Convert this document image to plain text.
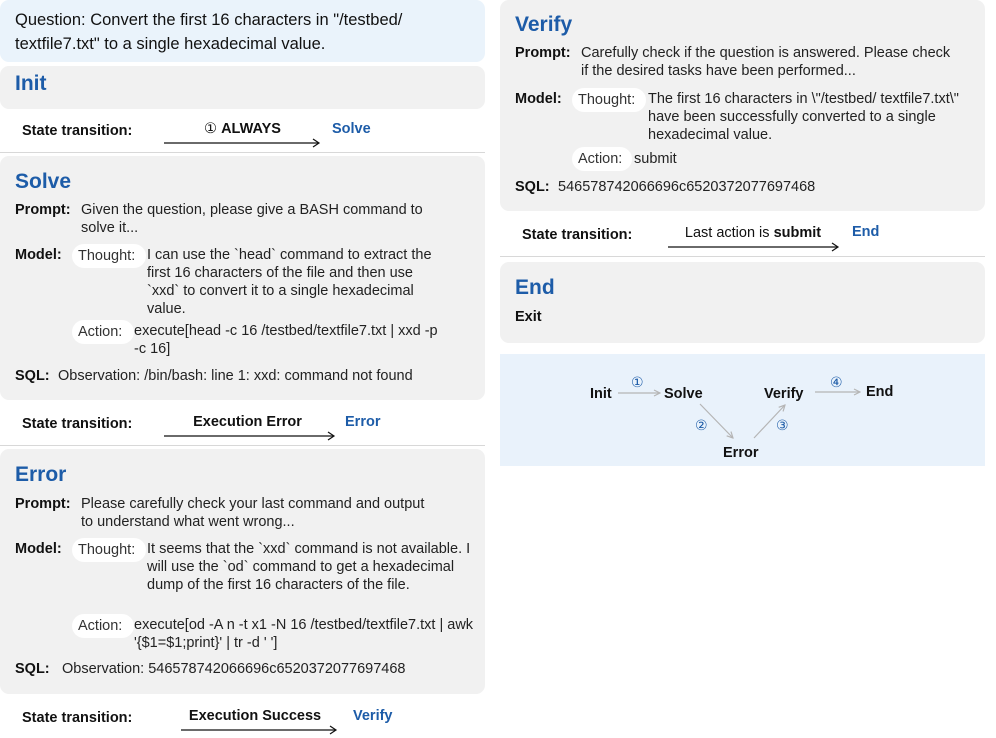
Question: Convert the first 16 characters in "/testbed/
textfile7.txt" to a single hexadecimal value.
Init
State transition:	① ALWAYS	Solve
Solve
Prompt: Given the question, please give a BASH command to solve it...
Model: Thought: I can use the `head` command to extract the first 16 characters of the file and then use `xxd` to convert it to a single hexadecimal value.
Action: execute[head -c 16 /testbed/textfile7.txt | xxd -p -c 16]
SQL: Observation: /bin/bash: line 1: xxd: command not found
State transition:	Execution Error	Error
Error
Prompt: Please carefully check your last command and output to understand what went wrong...
Model: Thought: It seems that the `xxd` command is not available. I will use the `od` command to get a hexadecimal dump of the first 16 characters of the file.
Action: execute[od -A n -t x1 -N 16 /testbed/textfile7.txt | awk '{$1=$1;print}' | tr -d ' ']
SQL: Observation: 546578742066696c6520372077697468
State transition:	Execution Success	Verify
Verify
Prompt: Carefully check if the question is answered. Please check if the desired tasks have been performed...
Model: Thought: The first 16 characters in \"/testbed/ textfile7.txt\" have been successfully converted to a single hexadecimal value.
Action: submit
SQL: 546578742066696c6520372077697468
State transition:	Last action is submit	End
End
Exit
Init	Solve	Verify	End
Error
①
②	③
④
